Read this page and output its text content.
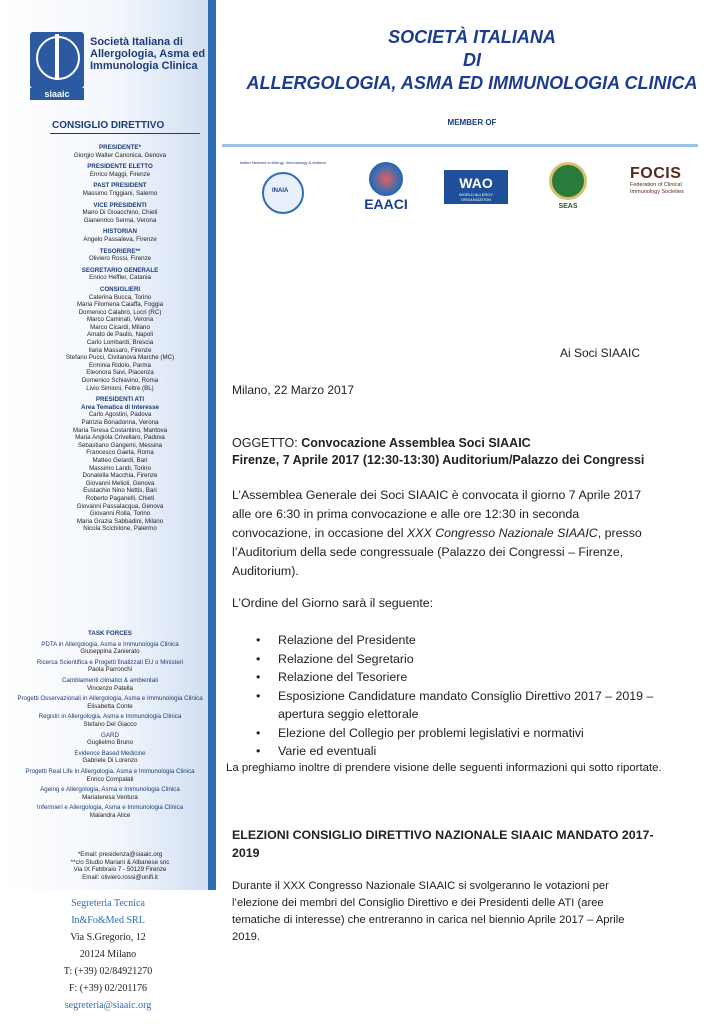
siaaic
Società Italiana di Allergologia, Asma ed Immunologia Clinica
CONSIGLIO DIRETTIVO
PRESIDENTE*
Giorgio Walter Canonica, Genova
PRESIDENTE ELETTO
Enrico Maggi, Firenze
PAST PRESIDENT
Massimo Triggiani, Salerno
VICE PRESIDENTI
Mario Di Gioacchino, Chieti
Gianenrico Senna, Verona
HISTORIAN
Angelo Passaleva, Firenze
TESORIERE**
Oliviero Rossi, Firenze
SEGRETARIO GENERALE
Enrico Heffler, Catania
CONSIGLIERI
Caterina Bucca, Torino
Maria Filomena Caiaffa, Foggia
Domenico Calabrò, Locri (RC)
Marco Caminati, Verona
Marco Cicardi, Milano
Amato de Paulis, Napoli
Carlo Lombardi, Brescia
Ilaria Massaro, Firenze
Stefano Pucci, Civitanova Marche (MC)
Erminia Ridolo, Parma
Eleonora Savi, Piacenza
Domenico Schiavino, Roma
Livio Simioni, Feltre (BL)
PRESIDENTI ATI
Area Tematica di Interesse
Carlo Agostini, Padova
Patrizia Bonadonna, Verona
Maria Teresa Costantino, Mantova
Maria Angiola Crivellaro, Padova
Sebastiano Gangemi, Messina
Francesco Gaeta, Roma
Matteo Gelardi, Bari
Massimo Landi, Torino
Donatella Macchia, Firenze
Giovanni Melioli, Genova
Eustachio Nino Nettis, Bari
Roberto Paganelli, Chieti
Giovanni Passalacqua, Genova
Giovanni Rolla, Torino
Maria Grazia Sabbadini, Milano
Nicola Scichilone, Palermo
TASK FORCES
PDTA in Allergologia, Asma e Immunologia Clinica
Giuseppina Zanierato
Ricerca Scientifica e Progetti finalizzati EU o Ministeri
Paola Parronchi
Cambiamenti climatici & ambientali
Vincenzo Patella
Progetti Osservazionali in Allergologia, Asma e Immunologia Clinica
Elisabetta Conte
Registri in Allergologia, Asma e Immunologia Clinica
Stefano Del Giacco
GARD
Guglielmo Bruno
Evidence Based Medicine
Gabriele Di Lorenzo
Progetti Real Life in Allergologia, Asma e Immunologia Clinica
Enrico Compalati
Ageing e Allergologia, Asma e Immunologia Clinica
Mariateresa Ventura
Infermieri e Allergologia, Asma e Immunologia Clinica
Malandra Alice
*Email: presidenza@siaaic.org
**c/o Studio Mariani & Albanese snc
Via IX Febbraio 7 - 50129 Firenze
Email: oliviero.rossi@unifi.it
Segreteria Tecnica
In&Fo&Med SRL
Via S.Gregorio, 12
20124 Milano
T: (+39) 02/84921270
F: (+39) 02/201176
segreteria@siaaic.org
SOCIETÀ ITALIANA
DI
ALLERGOLOGIA, ASMA ED IMMUNOLOGIA CLINICA
MEMBER OF
Italian Network in Allergy, Immunology & Asthma
INAIA
EAACI
WAO
WORLD ALLERGY ORGANIZATION
SEAS
FOCIS
Federation of Clinical Immunology Societies
Ai Soci SIAAIC
Milano, 22 Marzo 2017
OGGETTO: Convocazione Assemblea Soci SIAAIC
Firenze, 7 Aprile 2017 (12:30-13:30) Auditorium/Palazzo dei Congressi
L’Assemblea Generale dei Soci SIAAIC è convocata il giorno 7 Aprile 2017 alle ore 6:30 in prima convocazione e alle ore 12:30 in seconda convocazione, in occasione del XXX Congresso Nazionale SIAAIC, presso l’Auditorium della sede congressuale (Palazzo dei Congressi – Firenze, Auditorium).
L’Ordine del Giorno sarà il seguente:
• Relazione del Presidente
• Relazione del Segretario
• Relazione del Tesoriere
• Esposizione Candidature mandato Consiglio Direttivo 2017 – 2019 – apertura seggio elettorale
• Elezione del Collegio per problemi legislativi e normativi
• Varie ed eventuali
La preghiamo inoltre di prendere visione delle seguenti informazioni qui sotto riportate.
ELEZIONI CONSIGLIO DIRETTIVO NAZIONALE SIAAIC MANDATO 2017-2019
Durante il XXX Congresso Nazionale SIAAIC si svolgeranno le votazioni per l’elezione dei membri del Consiglio Direttivo e dei Presidenti delle ATI (aree tematiche di interesse) che entreranno in carica nel biennio Aprile 2017 – Aprile 2019.
